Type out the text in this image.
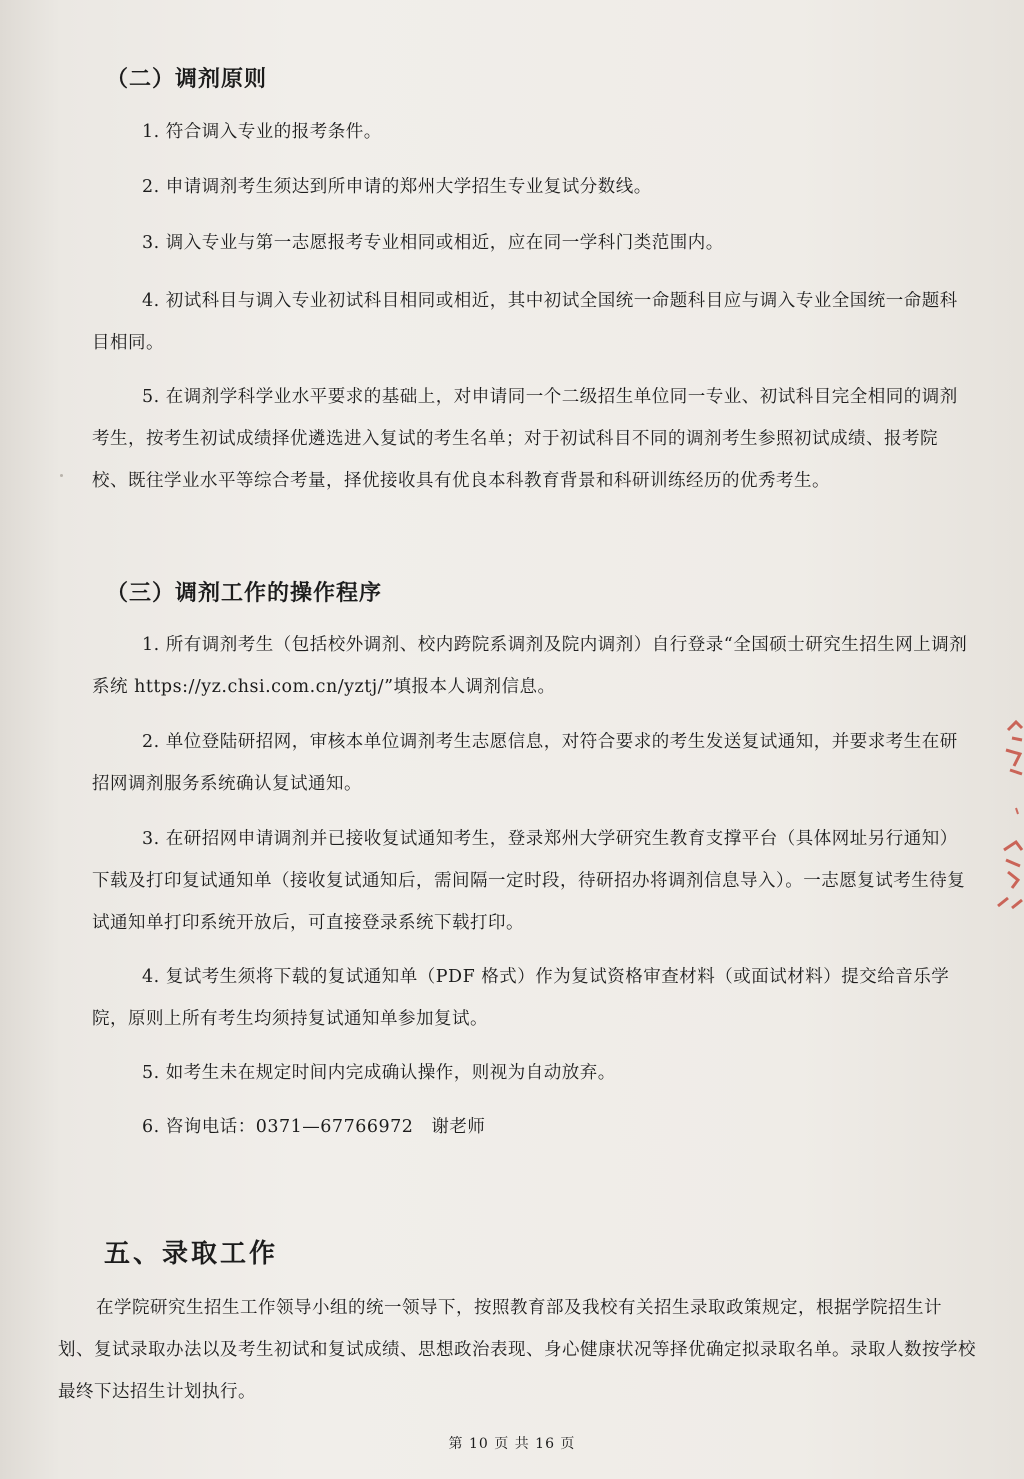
（二）调剂原则
1. 符合调入专业的报考条件。
2. 申请调剂考生须达到所申请的郑州大学招生专业复试分数线。
3. 调入专业与第一志愿报考专业相同或相近，应在同一学科门类范围内。
4. 初试科目与调入专业初试科目相同或相近，其中初试全国统一命题科目应与调入专业全国统一命题科目相同。
5. 在调剂学科学业水平要求的基础上，对申请同一个二级招生单位同一专业、初试科目完全相同的调剂考生，按考生初试成绩择优遴选进入复试的考生名单；对于初试科目不同的调剂考生参照初试成绩、报考院校、既往学业水平等综合考量，择优接收具有优良本科教育背景和科研训练经历的优秀考生。
（三）调剂工作的操作程序
1. 所有调剂考生（包括校外调剂、校内跨院系调剂及院内调剂）自行登录“全国硕士研究生招生网上调剂系统 https://yz.chsi.com.cn/yztj/”填报本人调剂信息。
2. 单位登陆研招网，审核本单位调剂考生志愿信息，对符合要求的考生发送复试通知，并要求考生在研招网调剂服务系统确认复试通知。
3. 在研招网申请调剂并已接收复试通知考生，登录郑州大学研究生教育支撑平台（具体网址另行通知）下载及打印复试通知单（接收复试通知后，需间隔一定时段，待研招办将调剂信息导入）。一志愿复试考生待复试通知单打印系统开放后，可直接登录系统下载打印。
4. 复试考生须将下载的复试通知单（PDF 格式）作为复试资格审查材料（或面试材料）提交给音乐学院，原则上所有考生均须持复试通知单参加复试。
5. 如考生未在规定时间内完成确认操作，则视为自动放弃。
6. 咨询电话：0371—67766972　谢老师
五、录取工作
在学院研究生招生工作领导小组的统一领导下，按照教育部及我校有关招生录取政策规定，根据学院招生计划、复试录取办法以及考生初试和复试成绩、思想政治表现、身心健康状况等择优确定拟录取名单。录取人数按学校最终下达招生计划执行。
第 10 页 共 16 页
